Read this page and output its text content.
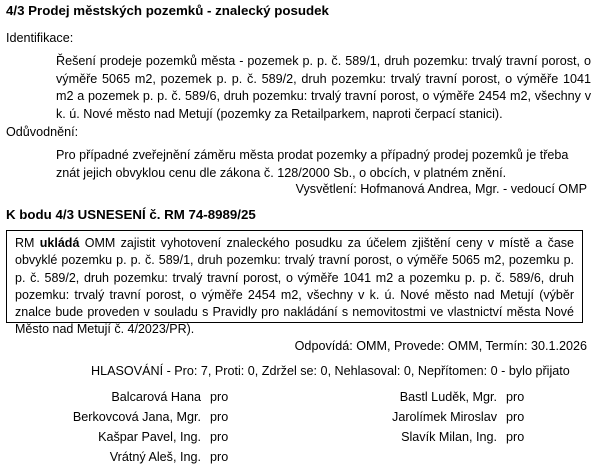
4/3 Prodej městských pozemků - znalecký posudek
Identifikace:
Řešení prodeje pozemků města - pozemek p. p. č. 589/1, druh pozemku: trvalý travní porost, o výměře 5065 m2, pozemek p. p. č. 589/2, druh pozemku: trvalý travní porost, o výměře 1041 m2 a pozemek p. p. č. 589/6, druh pozemku: trvalý travní porost, o výměře 2454 m2, všechny v k. ú. Nové město nad Metují (pozemky za Retailparkem, naproti čerpací stanici).
Odůvodnění:
Pro případné zveřejnění záměru města prodat pozemky a případný prodej pozemků je třeba znát jejich obvyklou cenu dle zákona č. 128/2000 Sb., o obcích, v platném znění.
Vysvětlení: Hofmanová Andrea, Mgr. - vedoucí OMP
K bodu 4/3 USNESENÍ č. RM 74-8989/25
RM ukládá OMM zajistit vyhotovení znaleckého posudku za účelem zjištění ceny v místě a čase obvyklé pozemku p. p. č. 589/1, druh pozemku: trvalý travní porost, o výměře 5065 m2, pozemku p. p. č. 589/2, druh pozemku: trvalý travní porost, o výměře 1041 m2 a pozemku p. p. č. 589/6, druh pozemku: trvalý travní porost, o výměře 2454 m2, všechny v k. ú. Nové město nad Metují (výběr znalce bude proveden v souladu s Pravidly pro nakládání s nemovitostmi ve vlastnictví města Nové Město nad Metují č. 4/2023/PR).
Odpovídá: OMM, Provede: OMM, Termín: 30.1.2026
HLASOVÁNÍ - Pro: 7, Proti: 0, Zdržel se: 0, Nehlasoval: 0, Nepřítomen: 0 - bylo přijato
Balcarová Hana pro	Bastl Luděk, Mgr. pro
Berkovcová Jana, Mgr. pro	Jarolímek Miroslav pro
Kašpar Pavel, Ing. pro	Slavík Milan, Ing. pro
Vrátný Aleš, Ing. pro
